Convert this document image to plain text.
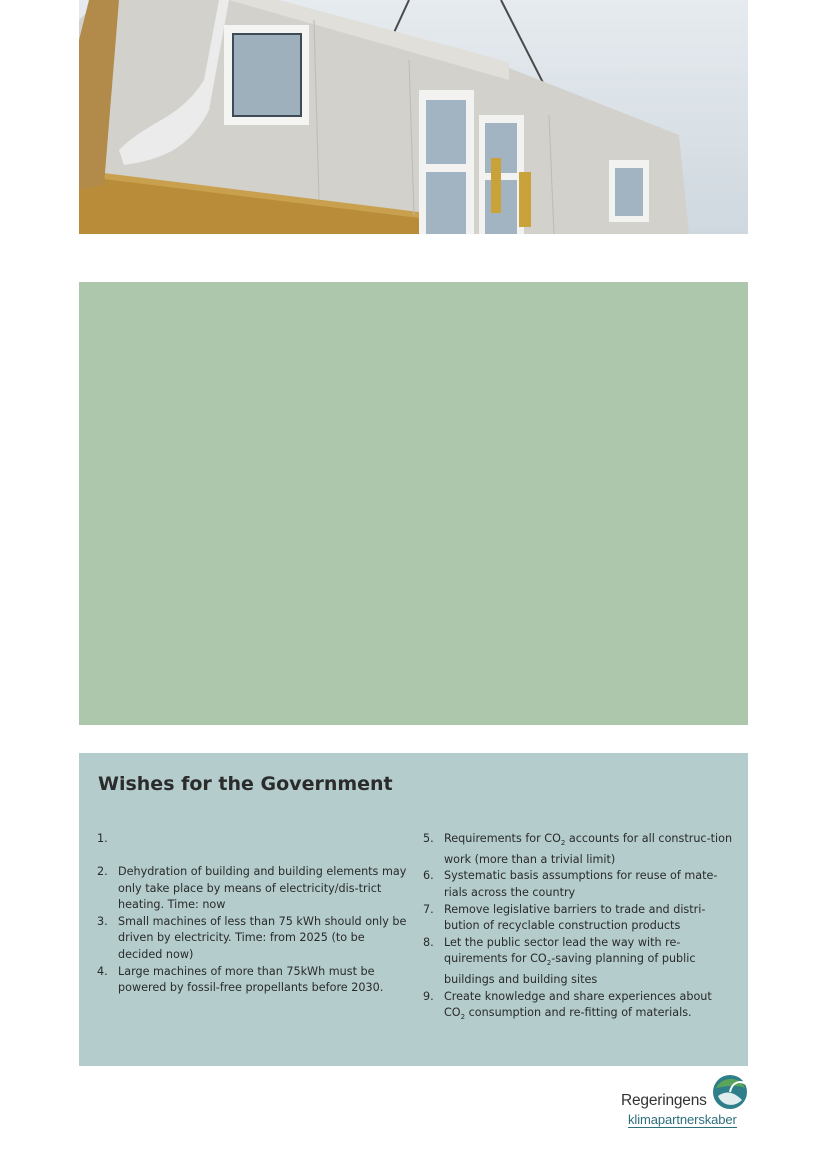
Wishes for the Government
1.
2. Dehydration of building and building elements may only take place by means of electricity/dis-trict heating. Time: now
3. Small machines of less than 75 kWh should only be driven by electricity. Time: from 2025 (to be decided now)
4. Large machines of more than 75kWh must be powered by fossil-free propellants before 2030.
5. Requirements for $CO_2$ accounts for all construc-tion work (more than a trivial limit)
6. Systematic basis assumptions for reuse of mate-rials across the country
7. Remove legislative barriers to trade and distri-bution of recyclable construction products
8. Let the public sector lead the way with re-quirements for $CO_2$-saving planning of public buildings and building sites
9. Create knowledge and share experiences about $CO_2$ consumption and re-fitting of materials.
Regeringens
klimapartnerskaber
